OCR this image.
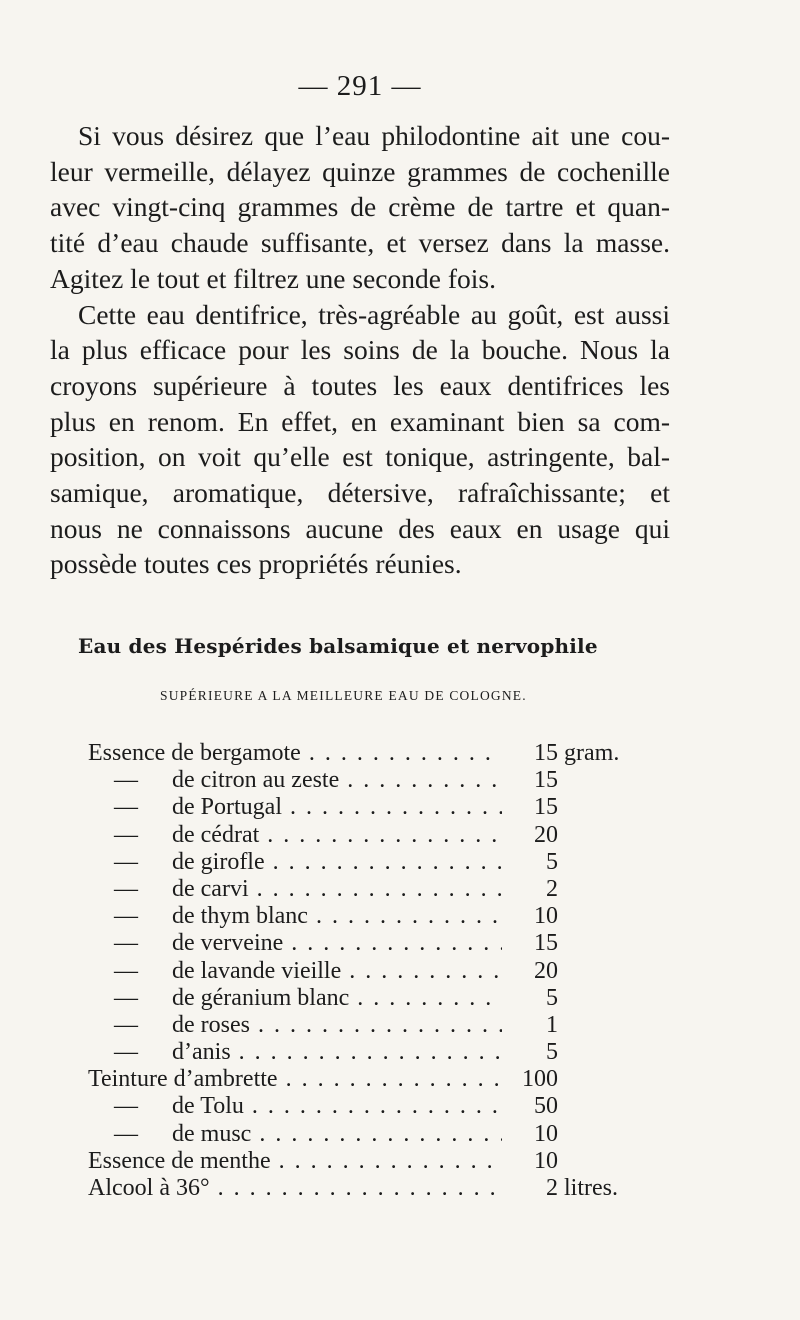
— 291 —
Si vous désirez que l’eau philodontine ait une cou-
leur vermeille, délayez quinze grammes de cochenille
avec vingt-cinq grammes de crème de tartre et quan-
tité d’eau chaude suffisante, et versez dans la masse.
Agitez le tout et filtrez une seconde fois.
Cette eau dentifrice, très-agréable au goût, est aussi
la plus efficace pour les soins de la bouche. Nous la
croyons supérieure à toutes les eaux dentifrices les
plus en renom. En effet, en examinant bien sa com-
position, on voit qu’elle est tonique, astringente, bal-
samique, aromatique, détersive, rafraîchissante; et
nous ne connaissons aucune des eaux en usage qui
possède toutes ces propriétés réunies.
Eau des Hespérides balsamique et nervophile
SUPÉRIEURE A LA MEILLEURE EAU DE COLOGNE.
Essence de bergamote . . .	15 gram.
— de citron au zeste . . .	15
— de Portugal . . .	15
— de cédrat . . .	20
— de girofle . . .	5
— de carvi . . .	2
— de thym blanc . . .	10
— de verveine . . .	15
— de lavande vieille . . .	20
— de géranium blanc . . .	5
— de roses . . .	1
— d’anis . . .	5
Teinture d’ambrette . . .	100
— de Tolu . . .	50
— de musc . . .	10
Essence de menthe . . .	10
Alcool à 36° . . .	2 litres.
